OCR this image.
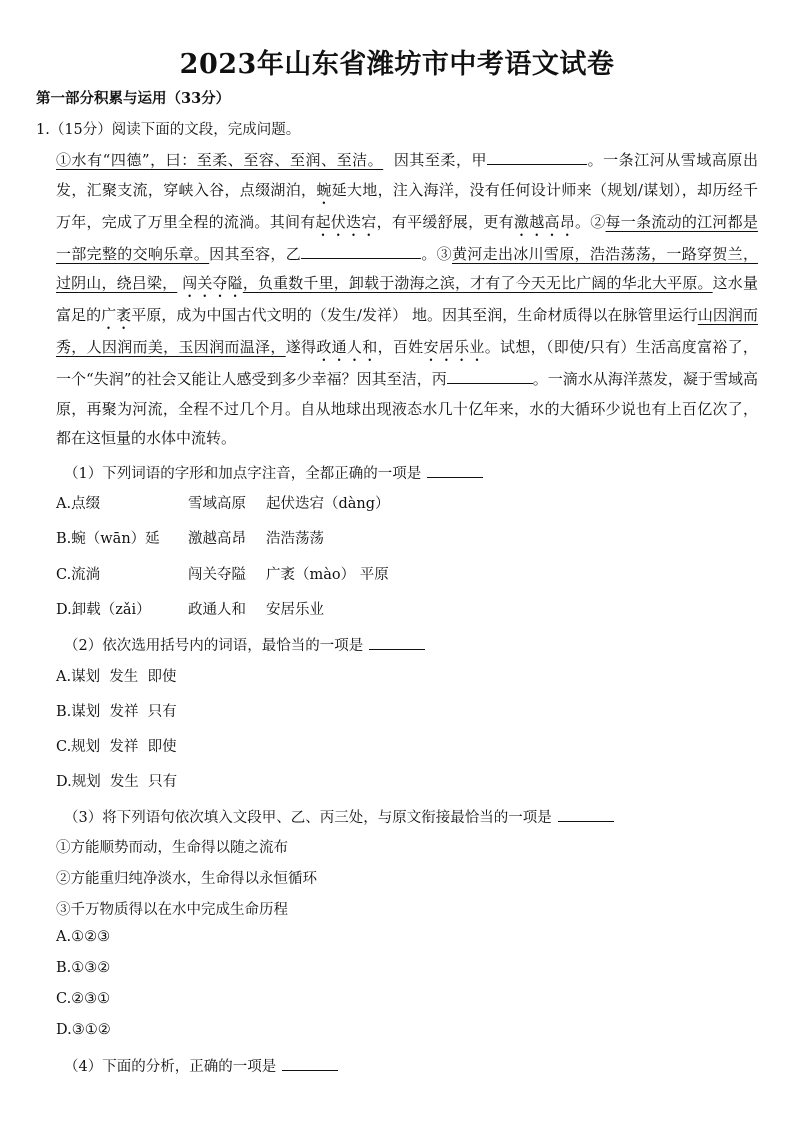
2023年山东省潍坊市中考语文试卷
第一部分积累与运用（33分）
1.（15分）阅读下面的文段，完成问题。

①水有“四德”，曰：至柔、至容、至润、至洁。 因其至柔，甲	。一条江河从雪域高原出发，汇聚支流，穿峡入谷，点缀湖泊，蜿延大地，注入海洋，没有任何设计师来（规划/谋划），却历经千万年，完成了万里全程的流淌。其间有起伏迭宕，有平缓舒展，更有激越高昂。②每一条流动的江河都是一部完整的交响乐章。因其至容，乙	。③黄河走出冰川雪原，浩浩荡荡，一路穿贺兰，过阴山，绕吕梁， 闯关夺隘，负重数千里，卸载于渤海之滨，才有了今天无比广阔的华北大平原。这水量富足的广袤平原，成为中国古代文明的（发生/发祥） 地。因其至润，生命材质得以在脉管里运行山因润而秀，人因润而美，玉因润而温泽，遂得政通人和，百姓安居乐业。试想，（即使/只有）生活高度富裕了，一个“失润”的社会又能让人感受到多少幸福？因其至洁，丙	。一滴水从海洋蒸发，凝于雪域高原，再聚为河流，全程不过几个月。自从地球出现液态水几十亿年来，水的大循环少说也有上百亿次了，都在这恒量的水体中流转。

（1）下列词语的字形和加点字注音，全都正确的一项是
A.点缀	雪域高原 起伏迭宕（dàng）
B.蜿（wān）延 激越高昂 浩浩荡荡
C.流淌	闯关夺隘 广袤（mào） 平原
D.卸载（zǎi）	政通人和 安居乐业
（2）依次选用括号内的词语，最恰当的一项是
A.谋划  发生  即使
B.谋划  发祥  只有
C.规划  发祥  即使
D.规划  发生  只有
（3）将下列语句依次填入文段甲、乙、丙三处，与原文衔接最恰当的一项是
①方能顺势而动，生命得以随之流布
②方能重归纯净淡水，生命得以永恒循环
③千万物质得以在水中完成生命历程
A.①②③
B.①③②
C.②③①
D.③①②
（4）下面的分析，正确的一项是
